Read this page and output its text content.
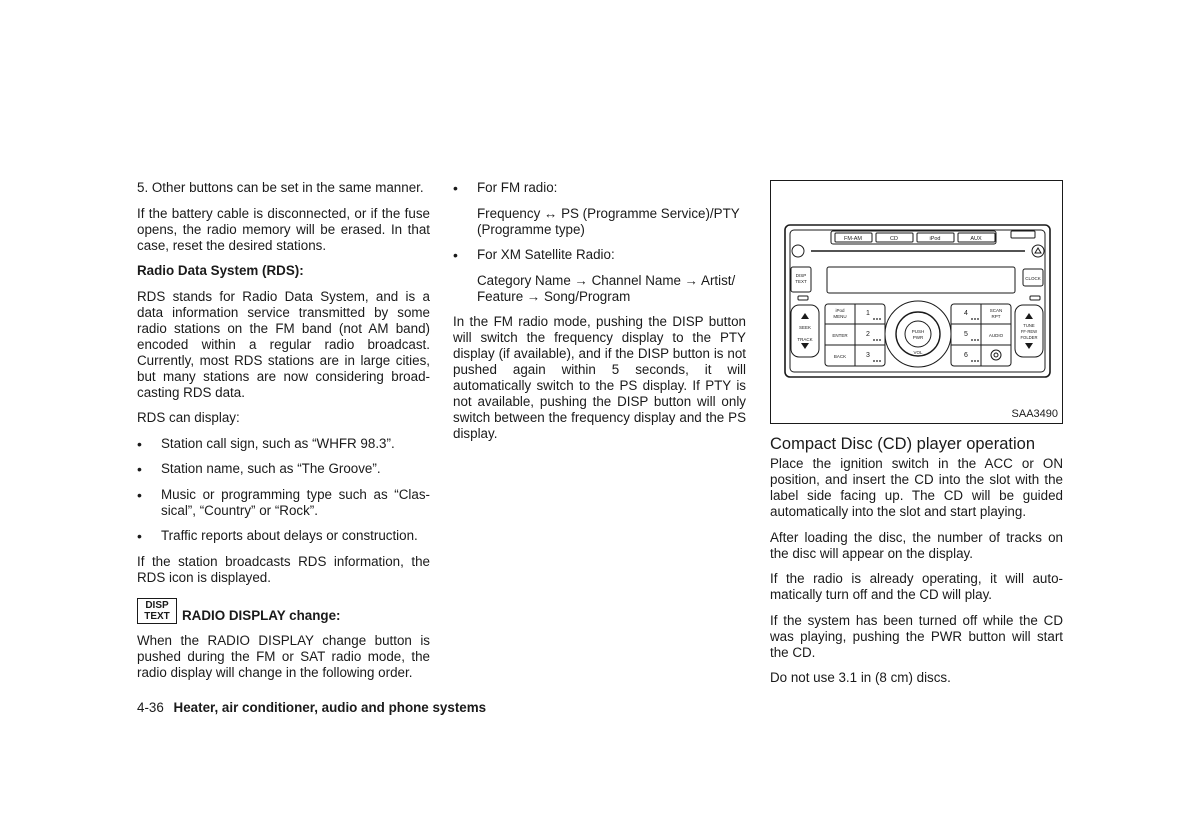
5. Other buttons can be set in the same manner.

If the battery cable is disconnected, or if the fuse opens, the radio memory will be erased. In that case, reset the desired stations.

Radio Data System (RDS):

RDS stands for Radio Data System, and is a data information service transmitted by some radio stations on the FM band (not AM band) encoded within a regular radio broadcast. Currently, most RDS stations are in large cities, but many stations are now considering broadcasting RDS data.

RDS can display:

• Station call sign, such as “WHFR 98.3”.
• Station name, such as “The Groove”.
• Music or programming type such as “Classical”, “Country” or “Rock”.
• Traffic reports about delays or construction.

If the station broadcasts RDS information, the RDS icon is displayed.

DISP
TEXT RADIO DISPLAY change:

When the RADIO DISPLAY change button is pushed during the FM or SAT radio mode, the radio display will change in the following order.

• For FM radio:
Frequency ↔ PS (Programme Service)/PTY (Programme type)
• For XM Satellite Radio:
Category Name → Channel Name → Artist/ Feature → Song/Program

In the FM radio mode, pushing the DISP button will switch the frequency display to the PTY display (if available), and if the DISP button is not pushed again within 5 seconds, it will automatically switch to the PS display. If PTY is not available, pushing the DISP button will only switch between the frequency display and the PS display.

FM-AM	CD	iPod	AUX
DISP
TEXT
CLOCK
SEEK
TRACK
TUNE
FF·REW
FOLDER
iPod
MENU
ENTER
BACK
SCAN
RPT
AUDIO
1
2
3
4
5
6
PUSH
PWR
VOL
SAA3490
Compact Disc (CD) player operation

Place the ignition switch in the ACC or ON position, and insert the CD into the slot with the label side facing up. The CD will be guided automatically into the slot and start playing.

After loading the disc, the number of tracks on the disc will appear on the display.

If the radio is already operating, it will automatically turn off and the CD will play.

If the system has been turned off while the CD was playing, pushing the PWR button will start the CD.

Do not use 3.1 in (8 cm) discs.

4-36 Heater, air conditioner, audio and phone systems
